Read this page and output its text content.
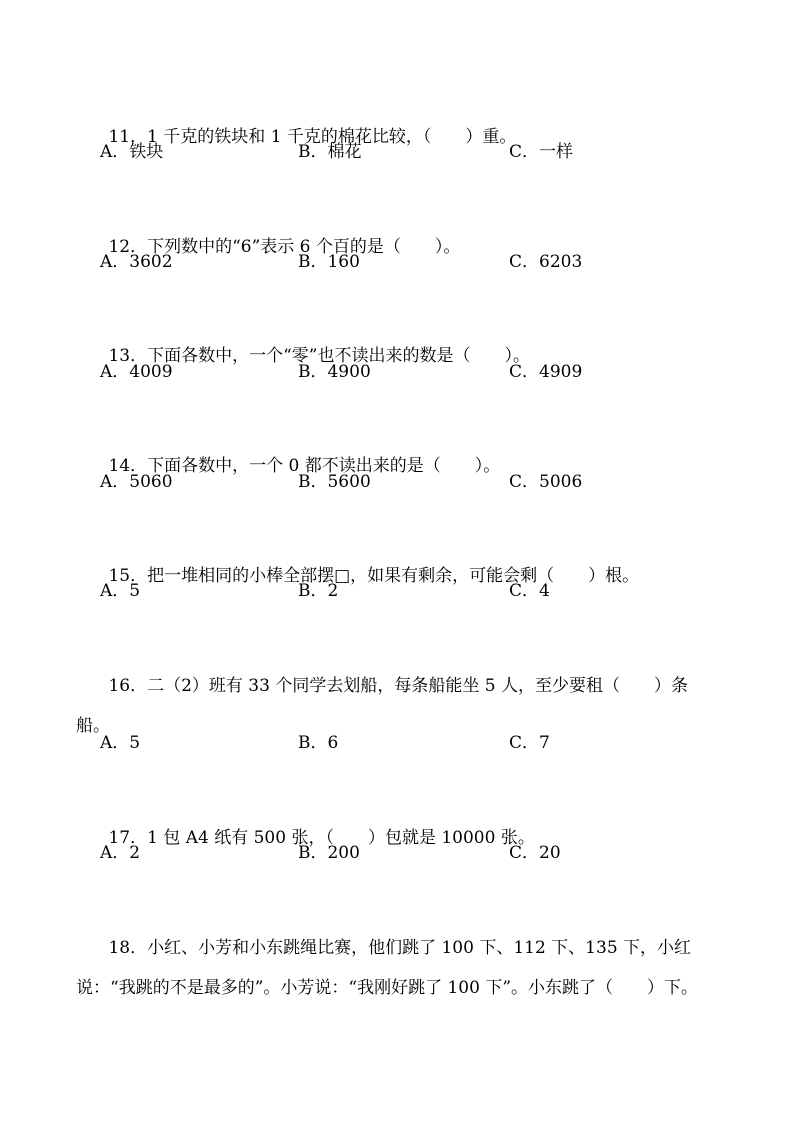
11．1 千克的铁块和 1 千克的棉花比较，（　　）重。

A．铁块	B．棉花	C．一样

12．下列数中的“6”表示 6 个百的是（　　）。

A．3602	B．160	C．6203

13．下面各数中，一个“零”也不读出来的数是（　　）。

A．4009	B．4900	C．4909

14．下面各数中，一个 0 都不读出来的是（　　）。

A．5060	B．5600	C．5006

15．把一堆相同的小棒全部摆□，如果有剩余，可能会剩（　　）根。

A．5	B．2	C．4

16．二（2）班有 33 个同学去划船，每条船能坐 5 人，至少要租（　　）条船。

A．5	B．6	C．7

17．1 包 A4 纸有 500 张，（　　）包就是 10000 张。

A．2	B．200	C．20

18．小红、小芳和小东跳绳比赛，他们跳了 100 下、112 下、135 下，小红说：“我跳的不是最多的”。小芳说：“我刚好跳了 100 下”。小东跳了（　　）下。
